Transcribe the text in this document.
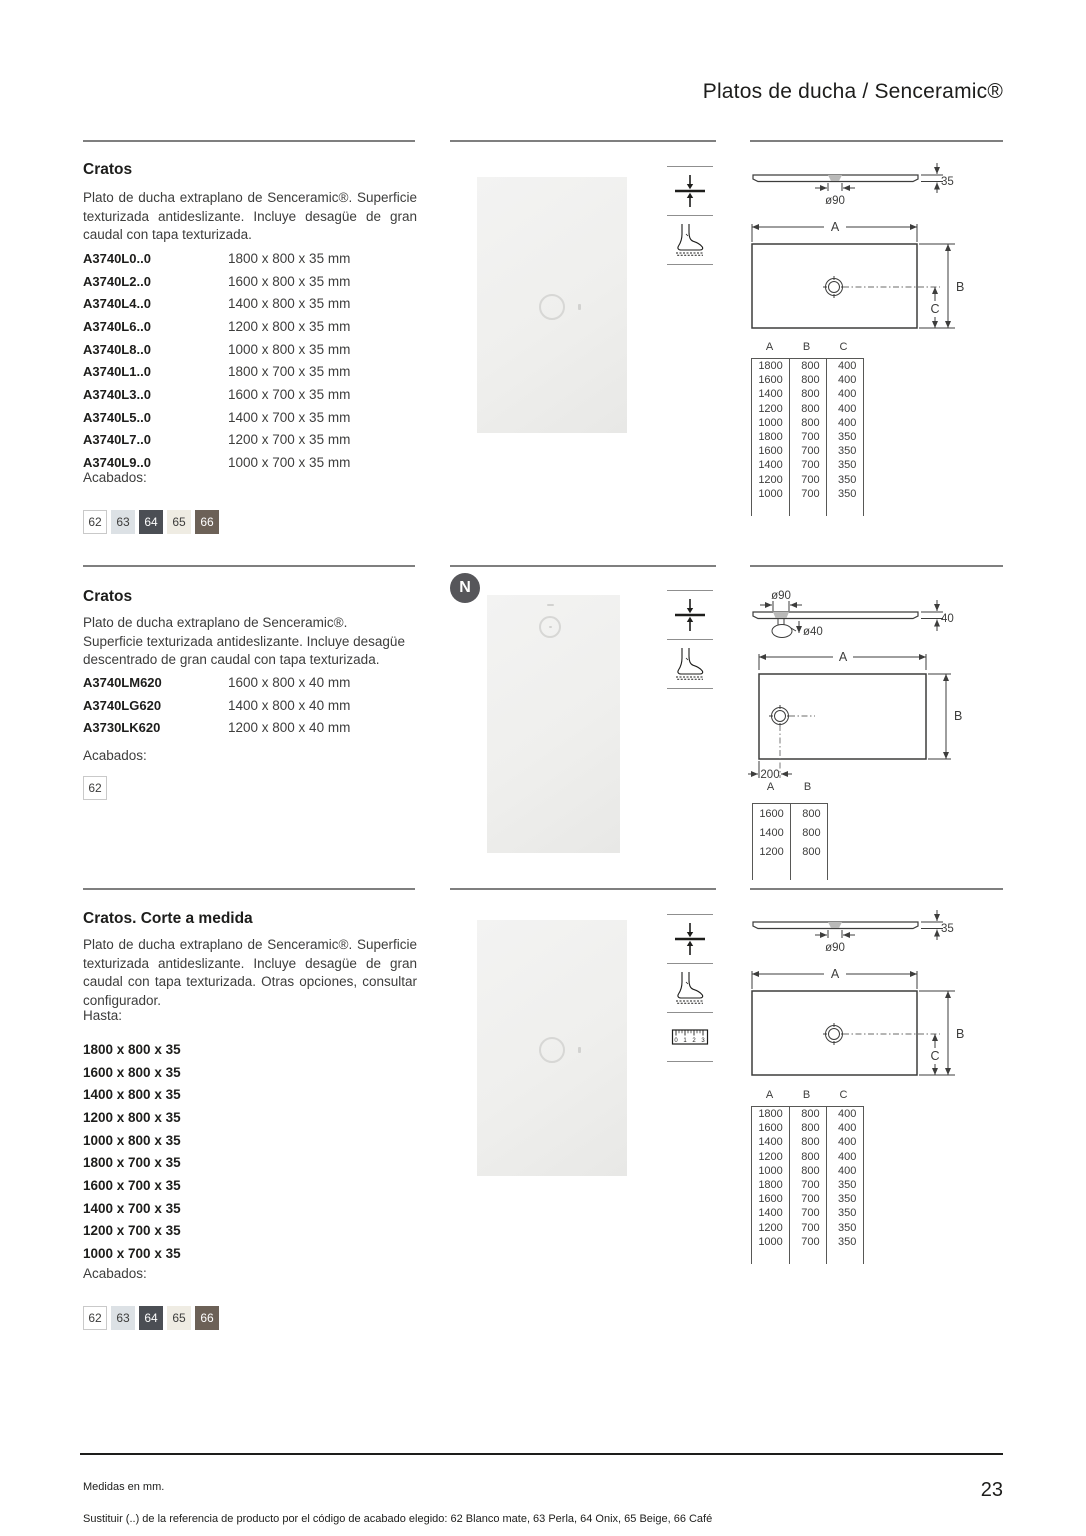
Platos de ducha / Senceramic®
Cratos
Plato de ducha extraplano de Senceramic®. Superficie
texturizada antideslizante. Incluye desagüe de gran
caudal con tapa texturizada.
A3740L0..0	1800 x 800 x 35 mm
A3740L2..0	1600 x 800 x 35 mm
A3740L4..0	1400 x 800 x 35 mm
A3740L6..0	1200 x 800 x 35 mm
A3740L8..0	1000 x 800 x 35 mm
A3740L1..0	1800 x 700 x 35 mm
A3740L3..0	1600 x 700 x 35 mm
A3740L5..0	1400 x 700 x 35 mm
A3740L7..0	1200 x 700 x 35 mm
A3740L9..0	1000 x 700 x 35 mm
Acabados:
62	63	64	65	66
35
ø90
A
B
C
A	B	C
1800	800	400
1600	800	400
1400	800	400
1200	800	400
1000	800	400
1800	700	350
1600	700	350
1400	700	350
1200	700	350
1000	700	350
Cratos
Plato de ducha extraplano de Senceramic®.
Superficie texturizada antideslizante. Incluye desagüe
descentrado de gran caudal con tapa texturizada.
A3740LM620	1600 x 800 x 40 mm
A3740LG620	1400 x 800 x 40 mm
A3730LK620	1200 x 800 x 40 mm
Acabados:
62
N	ø90
ø40
40
A
B
200
A	B
1600	800
1400	800
1200	800
Cratos. Corte a medida
Plato de ducha extraplano de Senceramic®. Superficie
texturizada antideslizante. Incluye desagüe de gran
caudal con tapa texturizada. Otras opciones, consultar
configurador.
Hasta:
1800 x 800 x 35
1600 x 800 x 35
1400 x 800 x 35
1200 x 800 x 35
1000 x 800 x 35
1800 x 700 x 35
1600 x 700 x 35
1400 x 700 x 35
1200 x 700 x 35
1000 x 700 x 35
Acabados:
62	63	64	65	66
0 1 2 3
35
ø90
A
B
C
A	B	C
1800	800	400
1600	800	400
1400	800	400
1200	800	400
1000	800	400
1800	700	350
1600	700	350
1400	700	350
1200	700	350
1000	700	350
Medidas en mm.
Sustituir (..) de la referencia de producto por el código de acabado elegido: 62 Blanco mate, 63 Perla, 64 Onix, 65 Beige, 66 Café
23
